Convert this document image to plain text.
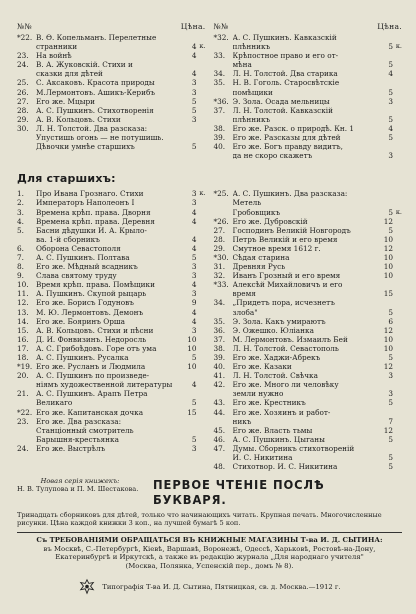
№№	Цѣна.
*22. В. Ѳ. Копельманъ. Перелетные
странники	4 к.
23.	На войнѣ	4
24.	В. А. Жуковскій. Стихи и
сказки для дѣтей	4
25.	С. Аксаковъ. Красота природы	3
26.	М.Лермонтовъ. Ашикъ-Керибъ	3
27.	Его же. Мцыри	5
28.	А. С. Пушкинъ. Стихотворенія	5
29.	А. В. Кольцовъ. Стихи	3
30.	Л. Н. Толстой. Два разсказа:
Упустишь огонь — не потушишь.
Дѣвочки умнѣе старшихъ	5
№№	Цѣна.
*32. А. С. Пушкинъ. Кавказскій
плѣнникъ	5 к.
33.	Крѣпостное право и его от-
мѣна	5
34.	Л. Н. Толстой. Два старика	4
35.	Н. В. Гоголь. Старосвѣтскіе
помѣщики	5
*36. Э. Зола. Осада мельницы	3
37.	Л. Н. Толстой. Кавказскій
плѣнникъ	5
38.	Его же. Разск. о природѣ. Кн. 1	4
39.	Его же. Разсказы для дѣтей	5
40.	Его же. Богъ правду видитъ,
да не скоро скажетъ	3
Для старшихъ:
1.	Про Ивана Грознаго. Стихи	3 к.
2.	Императоръ Наполеонъ I	3
3.	Времена крѣп. права. Дворня	4
4.	Времена крѣп. права. Деревня	4
5.	Басни дѣдушки И. А. Крыло-
ва. 1-й сборникъ	4
6.	Оборона Севастополя	4
7.	А. С. Пушкинъ. Полтава	5
8.	Его же. Мѣдный всадникъ	3
9.	Слава святому труду	3
10.	Время крѣп. права. Помѣщики	4
11.	А. Пушкинъ. Скупой рыцарь	3
12.	Его же. Борисъ Годуновъ	9
13.	М. Ю. Лермонтовъ. Демонъ	4
14.	Его же. Бояринъ Орша	4
15.	А. В. Кольцовъ. Стихи и пѣсни	3
16.	Д. И. Фонвизинъ. Недоросль	10
17.	А. С. Грибоѣдовъ. Горе отъ ума	10
18.	А. С. Пушкинъ. Русалка	5
*19. Его же. Русланъ и Людмила	10
20.	А. С. Пушкинъ по произведе-
ніямъ художественной литературы	4
21.	А. С. Пушкинъ. Арапъ Петра
Великаго	5
*22. Его же. Капитанская дочка	15
23.	Его же. Два разсказа:
Станціонный смотритель
Барышня-крестьянка	5
24.	Его же. Выстрѣлъ	3
*25. А. С. Пушкинъ. Два разсказа:
Метель
Гробовщикъ	5 к.
*26. Его же. Дубровскій	12
27.	Господинъ Великій Новгородъ	5
28.	Петръ Великій и его время	10
29.	Смутное время 1612 г.	12
*30. Сѣдая старина	10
31.	Древняя Русь	10
32.	Иванъ Грозный и его время	10
*33. Алексѣй Михайловичъ и его
время	15
34.	„Придетъ пора, исчезнетъ
злоба"	5
35.	Э. Зола. Какъ умираютъ	6
36.	Э. Ожешко. Юліанка	12
37.	М. Лермонтовъ. Измаилъ Бей	10
38.	Л. Н. Толстой. Севастополь	10
39.	Его же. Хаджи-Абрекъ	5
40.	Его же. Казаки	12
41.	Л. Н. Толстой. Свѣчка	3
42.	Его же. Много ли человѣку
земли нужно	3
43.	Его же. Крестникъ	5
44.	Его же. Хозяинъ и работ-
никъ	7
45.	Его же. Власть тьмы	12
46.	А. С. Пушкинъ. Цыганы	5
47.	Думы. Сборникъ стихотвореній
И. С. Никитина	5
48.	Стихотвор. И. С. Никитина	5
Новая серія книжекъ:
Н. В. Тулупова и П. М. Шестакова.	ПЕРВОЕ ЧТЕНІЕ ПОСЛѢ БУКВАРЯ.
Тринадцать сборниковъ для дѣтей, только что начинающихъ читать. Крупная печать. Многочисленные рисунки. Цѣна каждой книжки 3 коп., на лучшей бумагѣ 5 коп.
Съ ТРЕБОВАНІЯМИ ОБРАЩАТЬСЯ ВЪ КНИЖНЫЕ МАГАЗИНЫ Т-ва И. Д. СЫТИНА:
въ Москвѣ, С.-Петербургѣ, Кіевѣ, Варшавѣ, Воронежѣ, Одессѣ, Харьковѣ, Ростовѣ-на-Дону,
Екатеринбургѣ и Иркутскѣ, а также въ редакцію журнала „Для народнаго учителя"
(Москва, Полянка, Успенскій пер., домъ № 8).
Типографія Т-ва И. Д. Сытина, Пятницкая, св. д. Москва.—1912 г.
